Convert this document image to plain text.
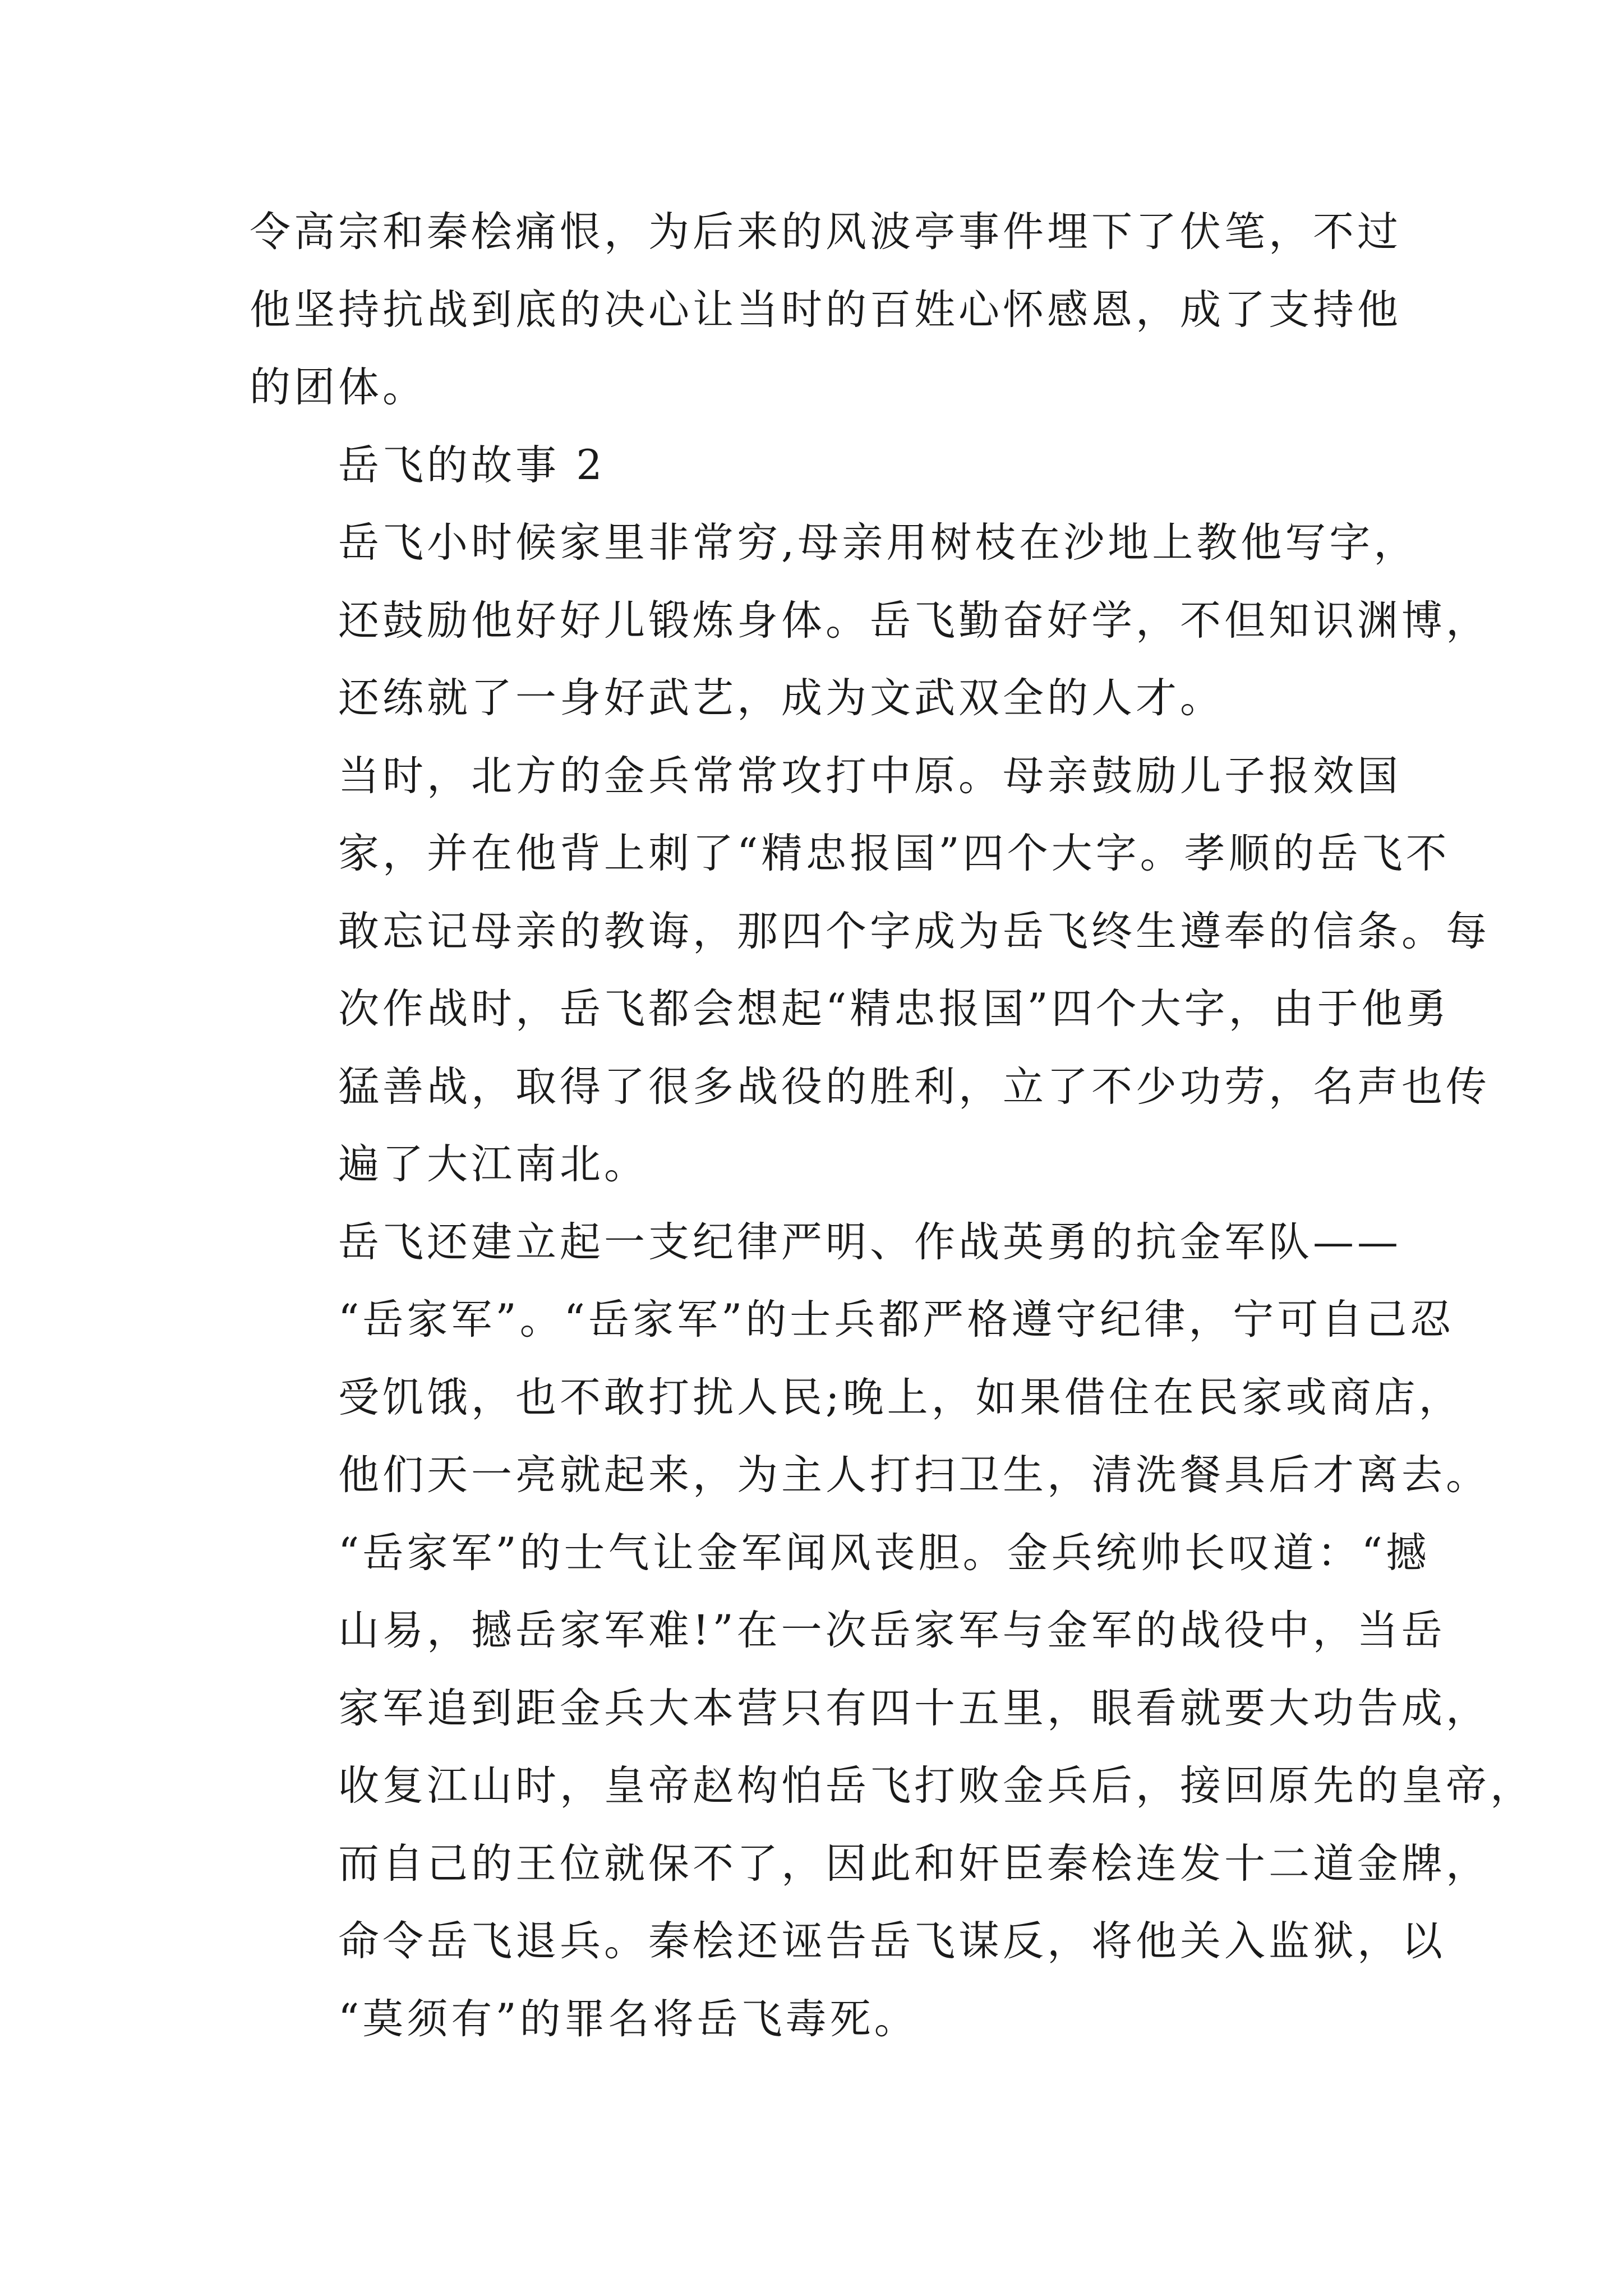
令高宗和秦桧痛恨，为后来的风波亭事件埋下了伏笔，不过
他坚持抗战到底的决心让当时的百姓心怀感恩，成了支持他
的团体。
岳飞的故事 2
岳飞小时候家里非常穷,母亲用树枝在沙地上教他写字，
还鼓励他好好儿锻炼身体。岳飞勤奋好学，不但知识渊博，
还练就了一身好武艺，成为文武双全的人才。
当时，北方的金兵常常攻打中原。母亲鼓励儿子报效国
家，并在他背上刺了“精忠报国”四个大字。孝顺的岳飞不
敢忘记母亲的教诲，那四个字成为岳飞终生遵奉的信条。每
次作战时，岳飞都会想起“精忠报国”四个大字，由于他勇
猛善战，取得了很多战役的胜利，立了不少功劳，名声也传
遍了大江南北。
岳飞还建立起一支纪律严明、作战英勇的抗金军队——
“岳家军”。“岳家军”的士兵都严格遵守纪律，宁可自己忍
受饥饿，也不敢打扰人民;晚上，如果借住在民家或商店，
他们天一亮就起来，为主人打扫卫生，清洗餐具后才离去。
“岳家军”的士气让金军闻风丧胆。金兵统帅长叹道：“撼
山易，撼岳家军难!”在一次岳家军与金军的战役中，当岳
家军追到距金兵大本营只有四十五里，眼看就要大功告成，
收复江山时，皇帝赵构怕岳飞打败金兵后，接回原先的皇帝，
而自己的王位就保不了，因此和奸臣秦桧连发十二道金牌，
命令岳飞退兵。秦桧还诬告岳飞谋反，将他关入监狱，以
“莫须有”的罪名将岳飞毒死。
